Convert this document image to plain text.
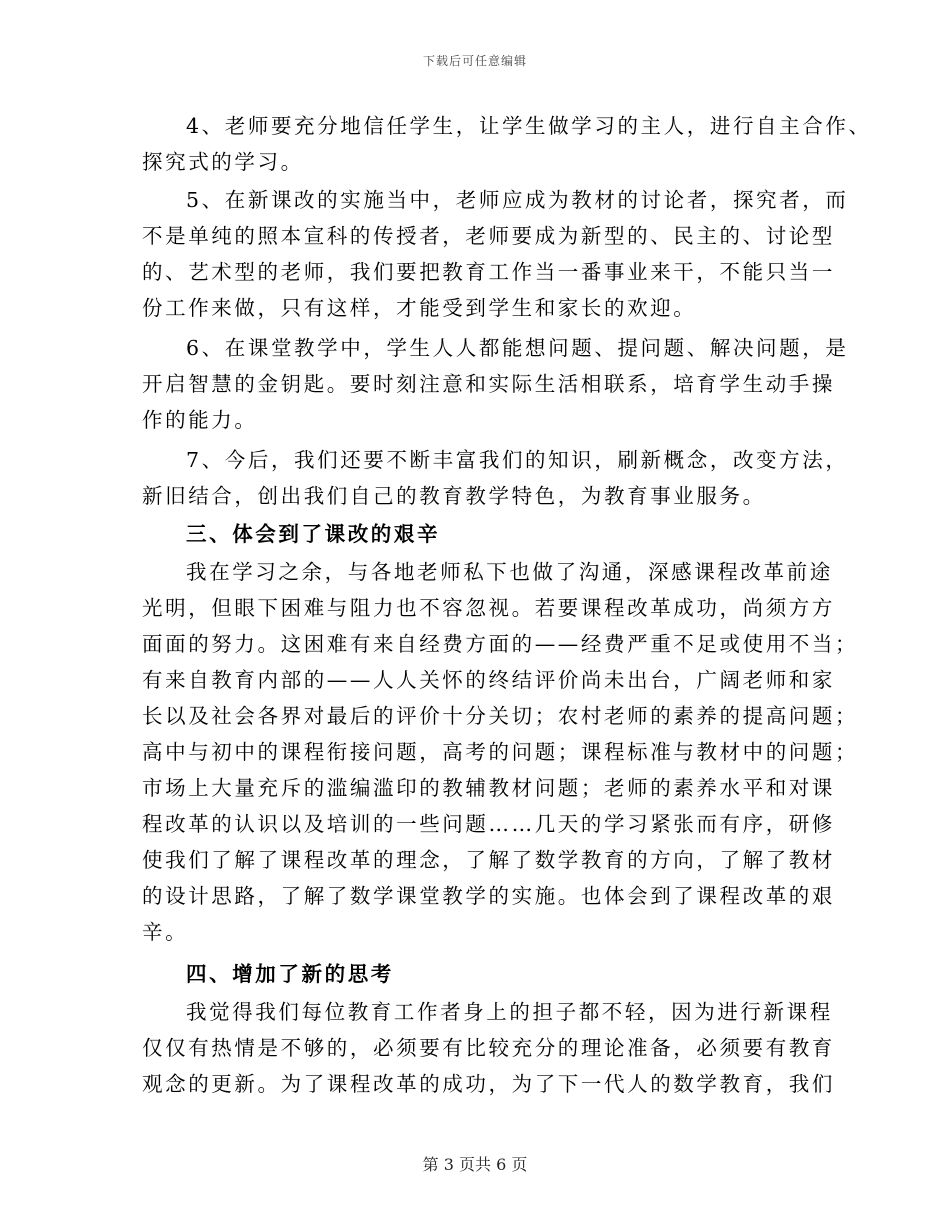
下载后可任意编辑
4、老师要充分地信任学生，让学生做学习的主人，进行自主合作、
探究式的学习。
5、在新课改的实施当中，老师应成为教材的讨论者，探究者，而
不是单纯的照本宣科的传授者，老师要成为新型的、民主的、讨论型
的、艺术型的老师，我们要把教育工作当一番事业来干，不能只当一
份工作来做，只有这样，才能受到学生和家长的欢迎。
6、在课堂教学中，学生人人都能想问题、提问题、解决问题，是
开启智慧的金钥匙。要时刻注意和实际生活相联系，培育学生动手操
作的能力。
7、今后，我们还要不断丰富我们的知识，刷新概念，改变方法，
新旧结合，创出我们自己的教育教学特色，为教育事业服务。
三、体会到了课改的艰辛
我在学习之余，与各地老师私下也做了沟通，深感课程改革前途
光明，但眼下困难与阻力也不容忽视。若要课程改革成功，尚须方方
面面的努力。这困难有来自经费方面的——经费严重不足或使用不当；
有来自教育内部的——人人关怀的终结评价尚未出台，广阔老师和家
长以及社会各界对最后的评价十分关切；农村老师的素养的提高问题；
高中与初中的课程衔接问题，高考的问题；课程标准与教材中的问题；
市场上大量充斥的滥编滥印的教辅教材问题；老师的素养水平和对课
程改革的认识以及培训的一些问题……几天的学习紧张而有序，研修
使我们了解了课程改革的理念，了解了数学教育的方向，了解了教材
的设计思路，了解了数学课堂教学的实施。也体会到了课程改革的艰
辛。
四、增加了新的思考
我觉得我们每位教育工作者身上的担子都不轻，因为进行新课程
仅仅有热情是不够的，必须要有比较充分的理论准备，必须要有教育
观念的更新。为了课程改革的成功，为了下一代人的数学教育，我们
第 3 页共 6 页
